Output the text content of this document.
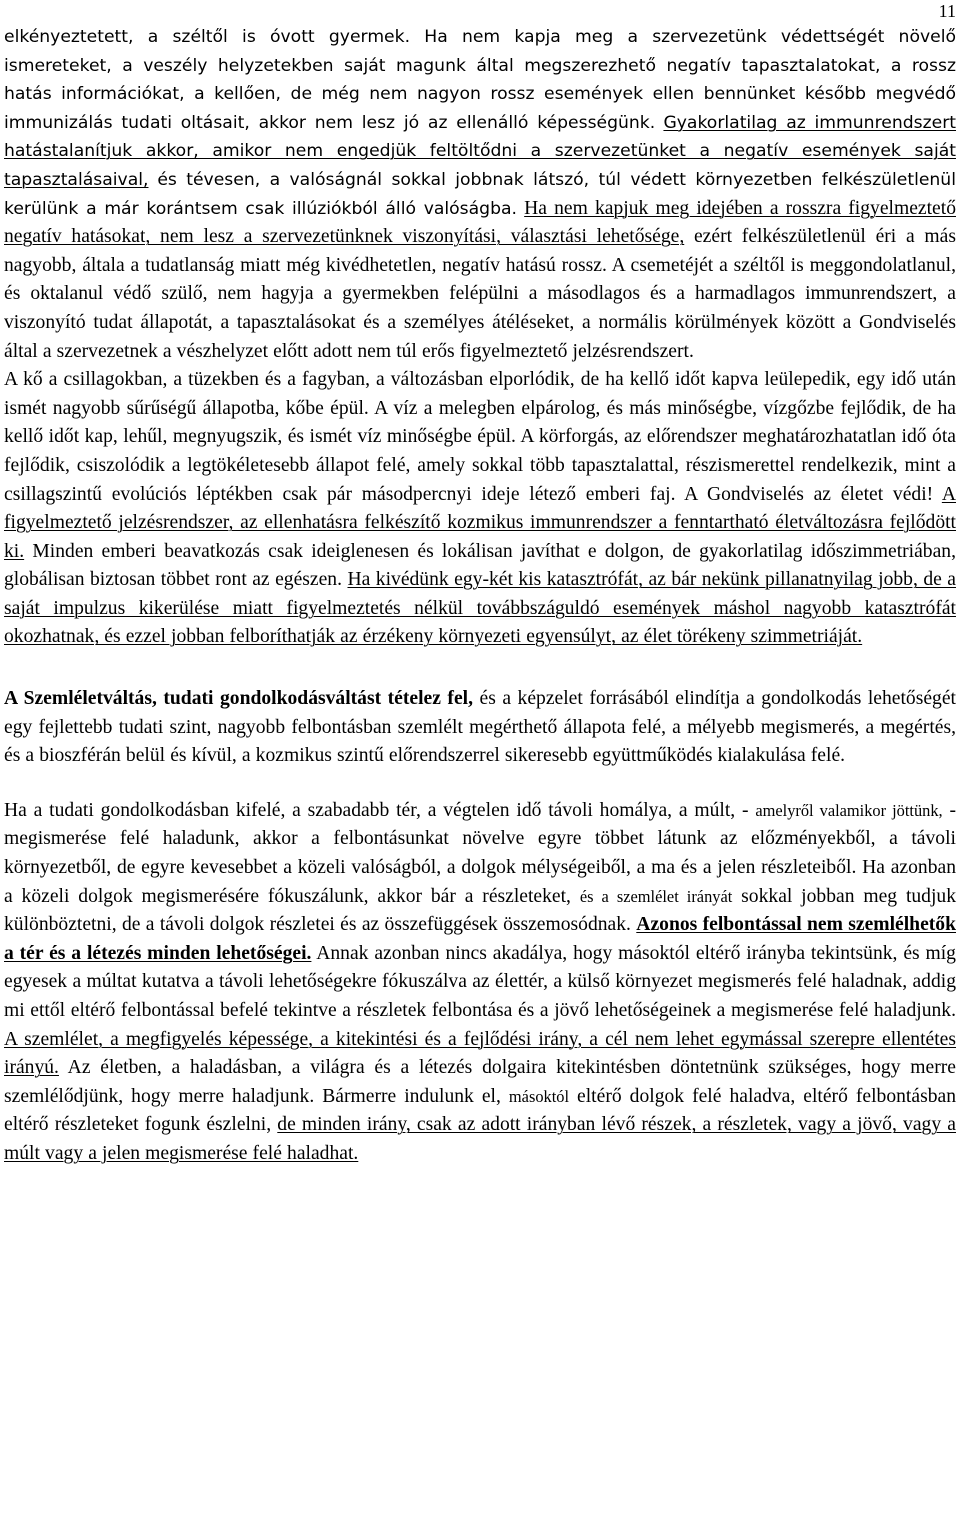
11

elkényeztetett, a széltől is óvott gyermek. Ha nem kapja meg a szervezetünk védettségét növelő ismereteket, a veszély helyzetekben saját magunk által megszerezhető negatív tapasztalatokat, a rossz hatás információkat, a kellően, de még nem nagyon rossz események ellen bennünket később megvédő immunizálás tudati oltásait, akkor nem lesz jó az ellenálló képességünk. Gyakorlatilag az immunrendszert hatástalanítjuk akkor, amikor nem engedjük feltöltődni a szervezetünket a negatív események saját tapasztalásaival, és tévesen, a valóságnál sokkal jobbnak látszó, túl védett környezetben felkészületlenül kerülünk a már korántsem csak illúziókból álló valóságba. Ha nem kapjuk meg idejében a rosszra figyelmeztető negatív hatásokat, nem lesz a szervezetünknek viszonyítási, választási lehetősége, ezért felkészületlenül éri a más nagyobb, általa a tudatlanság miatt még kivédhetetlen, negatív hatású rossz. A csemetéjét a széltől is meggondolatlanul, és oktalanul védő szülő, nem hagyja a gyermekben felépülni a másodlagos és a harmadlagos immunrendszert, a viszonyító tudat állapotát, a tapasztalásokat és a személyes átéléseket, a normális körülmények között a Gondviselés által a szervezetnek a vészhelyzet előtt adott nem túl erős figyelmeztető jelzésrendszert.

A kő a csillagokban, a tüzekben és a fagyban, a változásban elporlódik, de ha kellő időt kapva leülepedik, egy idő után ismét nagyobb sűrűségű állapotba, kőbe épül. A víz a melegben elpárolog, és más minőségbe, vízgőzbe fejlődik, de ha kellő időt kap, lehűl, megnyugszik, és ismét víz minőségbe épül. A körforgás, az előrendszer meghatározhatatlan idő óta fejlődik, csiszolódik a legtökéletesebb állapot felé, amely sokkal több tapasztalattal, részismerettel rendelkezik, mint a csillagszintű evolúciós léptékben csak pár másodpercnyi ideje létező emberi faj. A Gondviselés az életet védi! A figyelmeztető jelzésrendszer, az ellenhatásra felkészítő kozmikus immunrendszer a fenntartható életváltozásra fejlődött ki. Minden emberi beavatkozás csak ideiglenesen és lokálisan javíthat e dolgon, de gyakorlatilag időszimmetriában, globálisan biztosan többet ront az egészen. Ha kivédünk egy-két kis katasztrófát, az bár nekünk pillanatnyilag jobb, de a saját impulzus kikerülése miatt figyelmeztetés nélkül továbbszáguldó események máshol nagyobb katasztrófát okozhatnak, és ezzel jobban felboríthatják az érzékeny környezeti egyensúlyt, az élet törékeny szimmetriáját.

A Szemléletváltás, tudati gondolkodásváltást tételez fel, és a képzelet forrásából elindítja a gondolkodás lehetőségét egy fejlettebb tudati szint, nagyobb felbontásban szemlélt megérthető állapota felé, a mélyebb megismerés, a megértés, és a bioszférán belül és kívül, a kozmikus szintű előrendszerrel sikeresebb együttműködés kialakulása felé.

Ha a tudati gondolkodásban kifelé, a szabadabb tér, a végtelen idő távoli homálya, a múlt, - amelyről valamikor jöttünk, - megismerése felé haladunk, akkor a felbontásunkat növelve egyre többet látunk az előzményekből, a távoli környezetből, de egyre kevesebbet a közeli valóságból, a dolgok mélységeiből, a ma és a jelen részleteiből. Ha azonban a közeli dolgok megismerésére fókuszálunk, akkor bár a részleteket, és a szemlélet irányát sokkal jobban meg tudjuk különböztetni, de a távoli dolgok részletei és az összefüggések összemosódnak. Azonos felbontással nem szemlélhetők a tér és a létezés minden lehetőségei. Annak azonban nincs akadálya, hogy másoktól eltérő irányba tekintsünk, és míg egyesek a múltat kutatva a távoli lehetőségekre fókuszálva az élettér, a külső környezet megismerés felé haladnak, addig mi ettől eltérő felbontással befelé tekintve a részletek felbontása és a jövő lehetőségeinek a megismerése felé haladjunk. A szemlélet, a megfigyelés képessége, a kitekintési és a fejlődési irány, a cél nem lehet egymással szerepre ellentétes irányú. Az életben, a haladásban, a világra és a létezés dolgaira kitekintésben döntetnünk szükséges, hogy merre szemlélődjünk, hogy merre haladjunk. Bármerre indulunk el, másoktól eltérő dolgok felé haladva, eltérő felbontásban eltérő részleteket fogunk észlelni, de minden irány, csak az adott irányban lévő részek, a részletek, vagy a jövő, vagy a múlt vagy a jelen megismerése felé haladhat.
